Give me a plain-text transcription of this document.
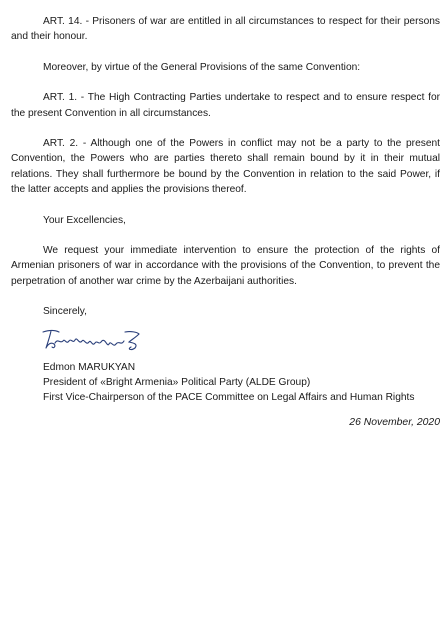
ART. 14. - Prisoners of war are entitled in all circumstances to respect for their persons and their honour.

Moreover, by virtue of the General Provisions of the same Convention:

ART. 1. - The High Contracting Parties undertake to respect and to ensure respect for the present Convention in all circumstances.

ART. 2. - Although one of the Powers in conflict may not be a party to the present Convention, the Powers who are parties thereto shall remain bound by it in their mutual relations. They shall furthermore be bound by the Convention in relation to the said Power, if the latter accepts and applies the provisions thereof.

Your Excellencies,

We request your immediate intervention to ensure the protection of the rights of Armenian prisoners of war in accordance with the provisions of the Convention, to prevent the perpetration of another war crime by the Azerbaijani authorities.

Sincerely,

Edmon MARUKYAN

President of «Bright Armenia» Political Party (ALDE Group)

First Vice-Chairperson of the PACE Committee on Legal Affairs and Human Rights

26 November, 2020
